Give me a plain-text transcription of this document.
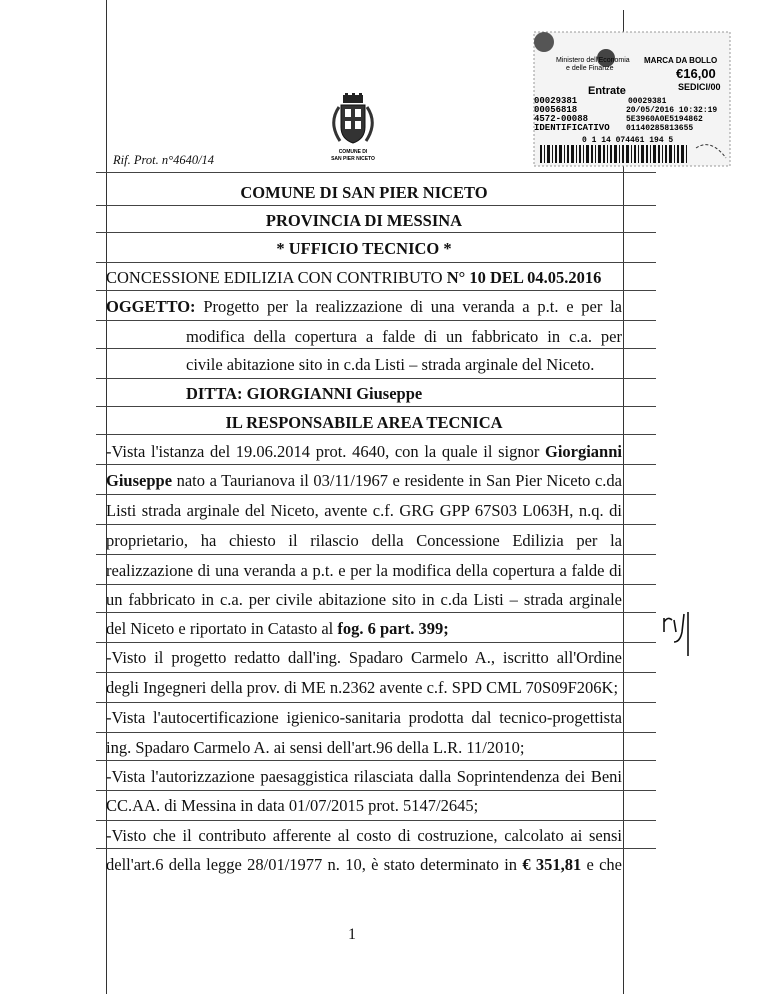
Rif. Prot. n°4640/14
COMUNE DI
SAN PIER NICETO
Ministero dell'Economia
e delle Finanze
MARCA DA BOLLO
€16,00
SEDICI/00
Entrate
00029381
00056818
4572-00088
IDENTIFICATIVO
00029381
20/05/2016 10:32:19
5E3960A0E5194862
01140285813655
0 1 14 074461 194 5
COMUNE DI SAN PIER NICETO
PROVINCIA DI MESSINA
* UFFICIO TECNICO *
CONCESSIONE EDILIZIA CON CONTRIBUTO N° 10 DEL 04.05.2016
OGGETTO: Progetto per la realizzazione di una veranda a p.t. e per la
modifica della copertura a falde di un fabbricato in c.a. per
civile abitazione sito in c.da Listi – strada arginale del Niceto.
DITTA: GIORGIANNI Giuseppe
IL RESPONSABILE AREA TECNICA
-Vista l'istanza del 19.06.2014 prot. 4640, con la quale il signor Giorgianni
Giuseppe nato a Taurianova il 03/11/1967 e residente in San Pier Niceto c.da
Listi strada arginale del Niceto, avente c.f. GRG GPP 67S03 L063H, n.q. di
proprietario, ha chiesto il rilascio della Concessione Edilizia per la
realizzazione di una veranda a p.t. e per la modifica della copertura a falde di
un fabbricato in c.a. per civile abitazione sito in c.da Listi – strada arginale
del Niceto e riportato in Catasto al fog. 6 part. 399;
-Visto il progetto redatto dall'ing. Spadaro Carmelo A., iscritto all'Ordine
degli Ingegneri della prov. di ME n.2362 avente c.f. SPD CML 70S09F206K;
-Vista l'autocertificazione igienico-sanitaria prodotta dal tecnico-progettista
ing. Spadaro Carmelo A. ai sensi dell'art.96 della L.R. 11/2010;
-Vista l'autorizzazione paesaggistica rilasciata dalla Soprintendenza dei Beni
CC.AA. di Messina in data 01/07/2015 prot. 5147/2645;
-Visto che il contributo afferente al costo di costruzione, calcolato ai sensi
dell'art.6 della legge 28/01/1977 n. 10, è stato determinato in € 351,81 e che
1
